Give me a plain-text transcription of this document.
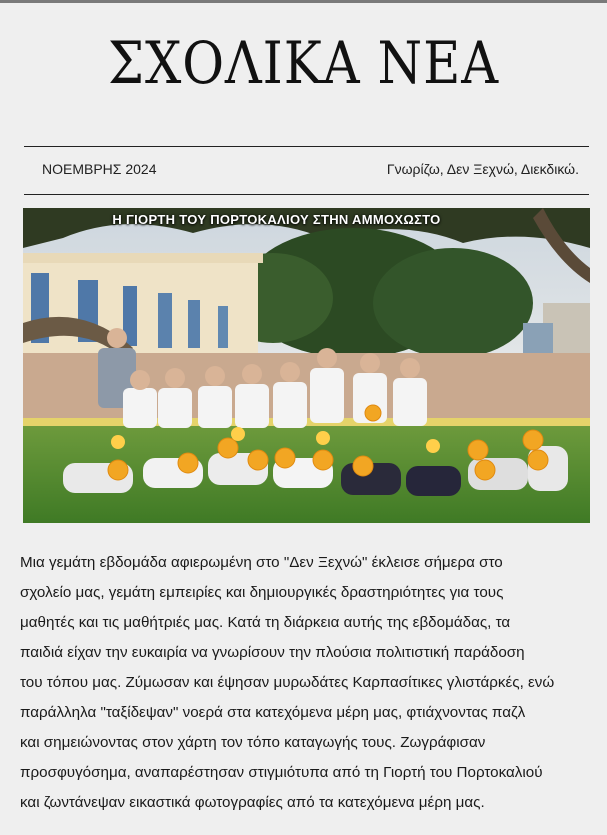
ΣΧΟΛΙΚΑ ΝΕΑ
ΝΟΕΜΒΡΗΣ 2024	Γνωρίζω, Δεν Ξεχνώ, Διεκδικώ.
Η ΓΙΟΡΤΗ ΤΟΥ ΠΟΡΤΟΚΑΛΙΟΥ ΣΤΗΝ ΑΜΜΟΧΩΣΤΟ
Μια γεμάτη εβδομάδα αφιερωμένη στο "Δεν Ξεχνώ" έκλεισε σήμερα στο
σχολείο μας, γεμάτη εμπειρίες και δημιουργικές δραστηριότητες για τους
μαθητές και τις μαθήτριές μας. Κατά τη διάρκεια αυτής της εβδομάδας, τα
παιδιά είχαν την ευκαιρία να γνωρίσουν την πλούσια πολιτιστική παράδοση
του τόπου μας. Ζύμωσαν και έψησαν μυρωδάτες Καρπασίτικες γλιστάρκές, ενώ
παράλληλα "ταξίδεψαν" νοερά στα κατεχόμενα μέρη μας, φτιάχνοντας παζλ
και σημειώνοντας στον χάρτη τον τόπο καταγωγής τους. Ζωγράφισαν
προσφυγόσημα, αναπαρέστησαν στιγμιότυπα από τη Γιορτή του Πορτοκαλιού
και ζωντάνεψαν εικαστικά φωτογραφίες από τα κατεχόμενα μέρη μας.
